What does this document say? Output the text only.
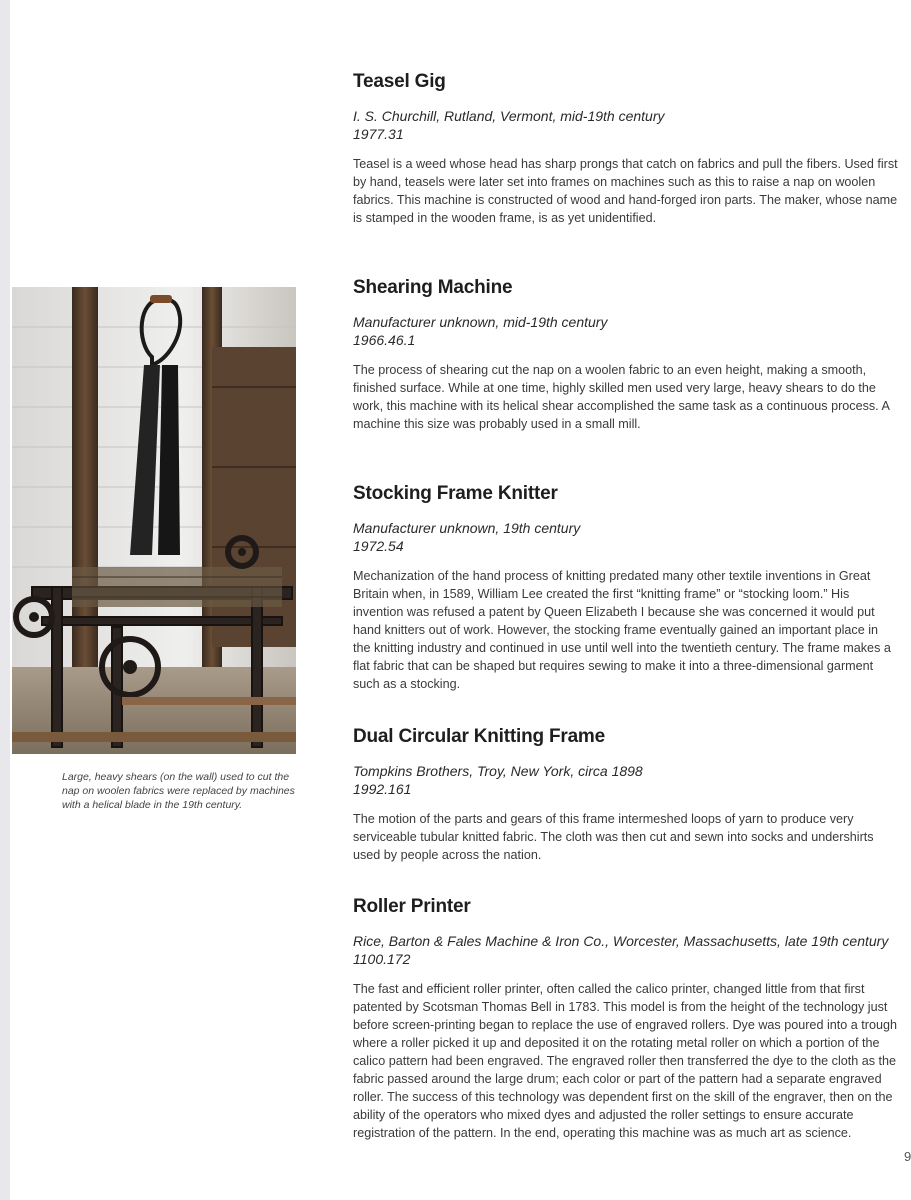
Teasel Gig
I. S. Churchill, Rutland, Vermont, mid-19th century
1977.31

Teasel is a weed whose head has sharp prongs that catch on fabrics and pull the fibers. Used first by hand, teasels were later set into frames on machines such as this to raise a nap on woolen fabrics. This machine is constructed of wood and hand-forged iron parts. The maker, whose name is stamped in the wooden frame, is as yet unidentified.

Shearing Machine
Manufacturer unknown, mid-19th century
1966.46.1

The process of shearing cut the nap on a woolen fabric to an even height, making a smooth, finished surface. While at one time, highly skilled men used very large, heavy shears to do the work, this machine with its helical shear accomplished the same task as a continuous process. A machine this size was probably used in a small mill.

Stocking Frame Knitter
Manufacturer unknown, 19th century
1972.54

Mechanization of the hand process of knitting predated many other textile inventions in Great Britain when, in 1589, William Lee created the first “knitting frame” or “stocking loom.” His invention was refused a patent by Queen Elizabeth I because she was concerned it would put hand knitters out of work. However, the stocking frame eventually gained an important place in the knitting industry and continued in use until well into the twentieth century. The frame makes a flat fabric that can be shaped but requires sewing to make it into a three-dimensional garment such as a stocking.

Dual Circular Knitting Frame
Tompkins Brothers, Troy, New York, circa 1898
1992.161

The motion of the parts and gears of this frame intermeshed loops of yarn to produce very serviceable tubular knitted fabric. The cloth was then cut and sewn into socks and undershirts used by people across the nation.

Roller Printer
Rice, Barton & Fales Machine & Iron Co., Worcester, Massachusetts, late 19th century
1100.172

The fast and efficient roller printer, often called the calico printer, changed little from that first patented by Scotsman Thomas Bell in 1783. This model is from the height of the technology just before screen-printing began to replace the use of engraved rollers. Dye was poured into a trough where a roller picked it up and deposited it on the rotating metal roller on which a portion of the calico pattern had been engraved. The engraved roller then transferred the dye to the cloth as the fabric passed around the large drum; each color or part of the pattern had a separate engraved roller. The success of this technology was dependent first on the skill of the engraver, then on the ability of the operators who mixed dyes and adjusted the roller settings to ensure accurate registration of the pattern. In the end, operating this machine was as much art as science.

Large, heavy shears (on the wall) used to cut the nap on woolen fabrics were replaced by machines with a helical blade in the 19th century.
9
